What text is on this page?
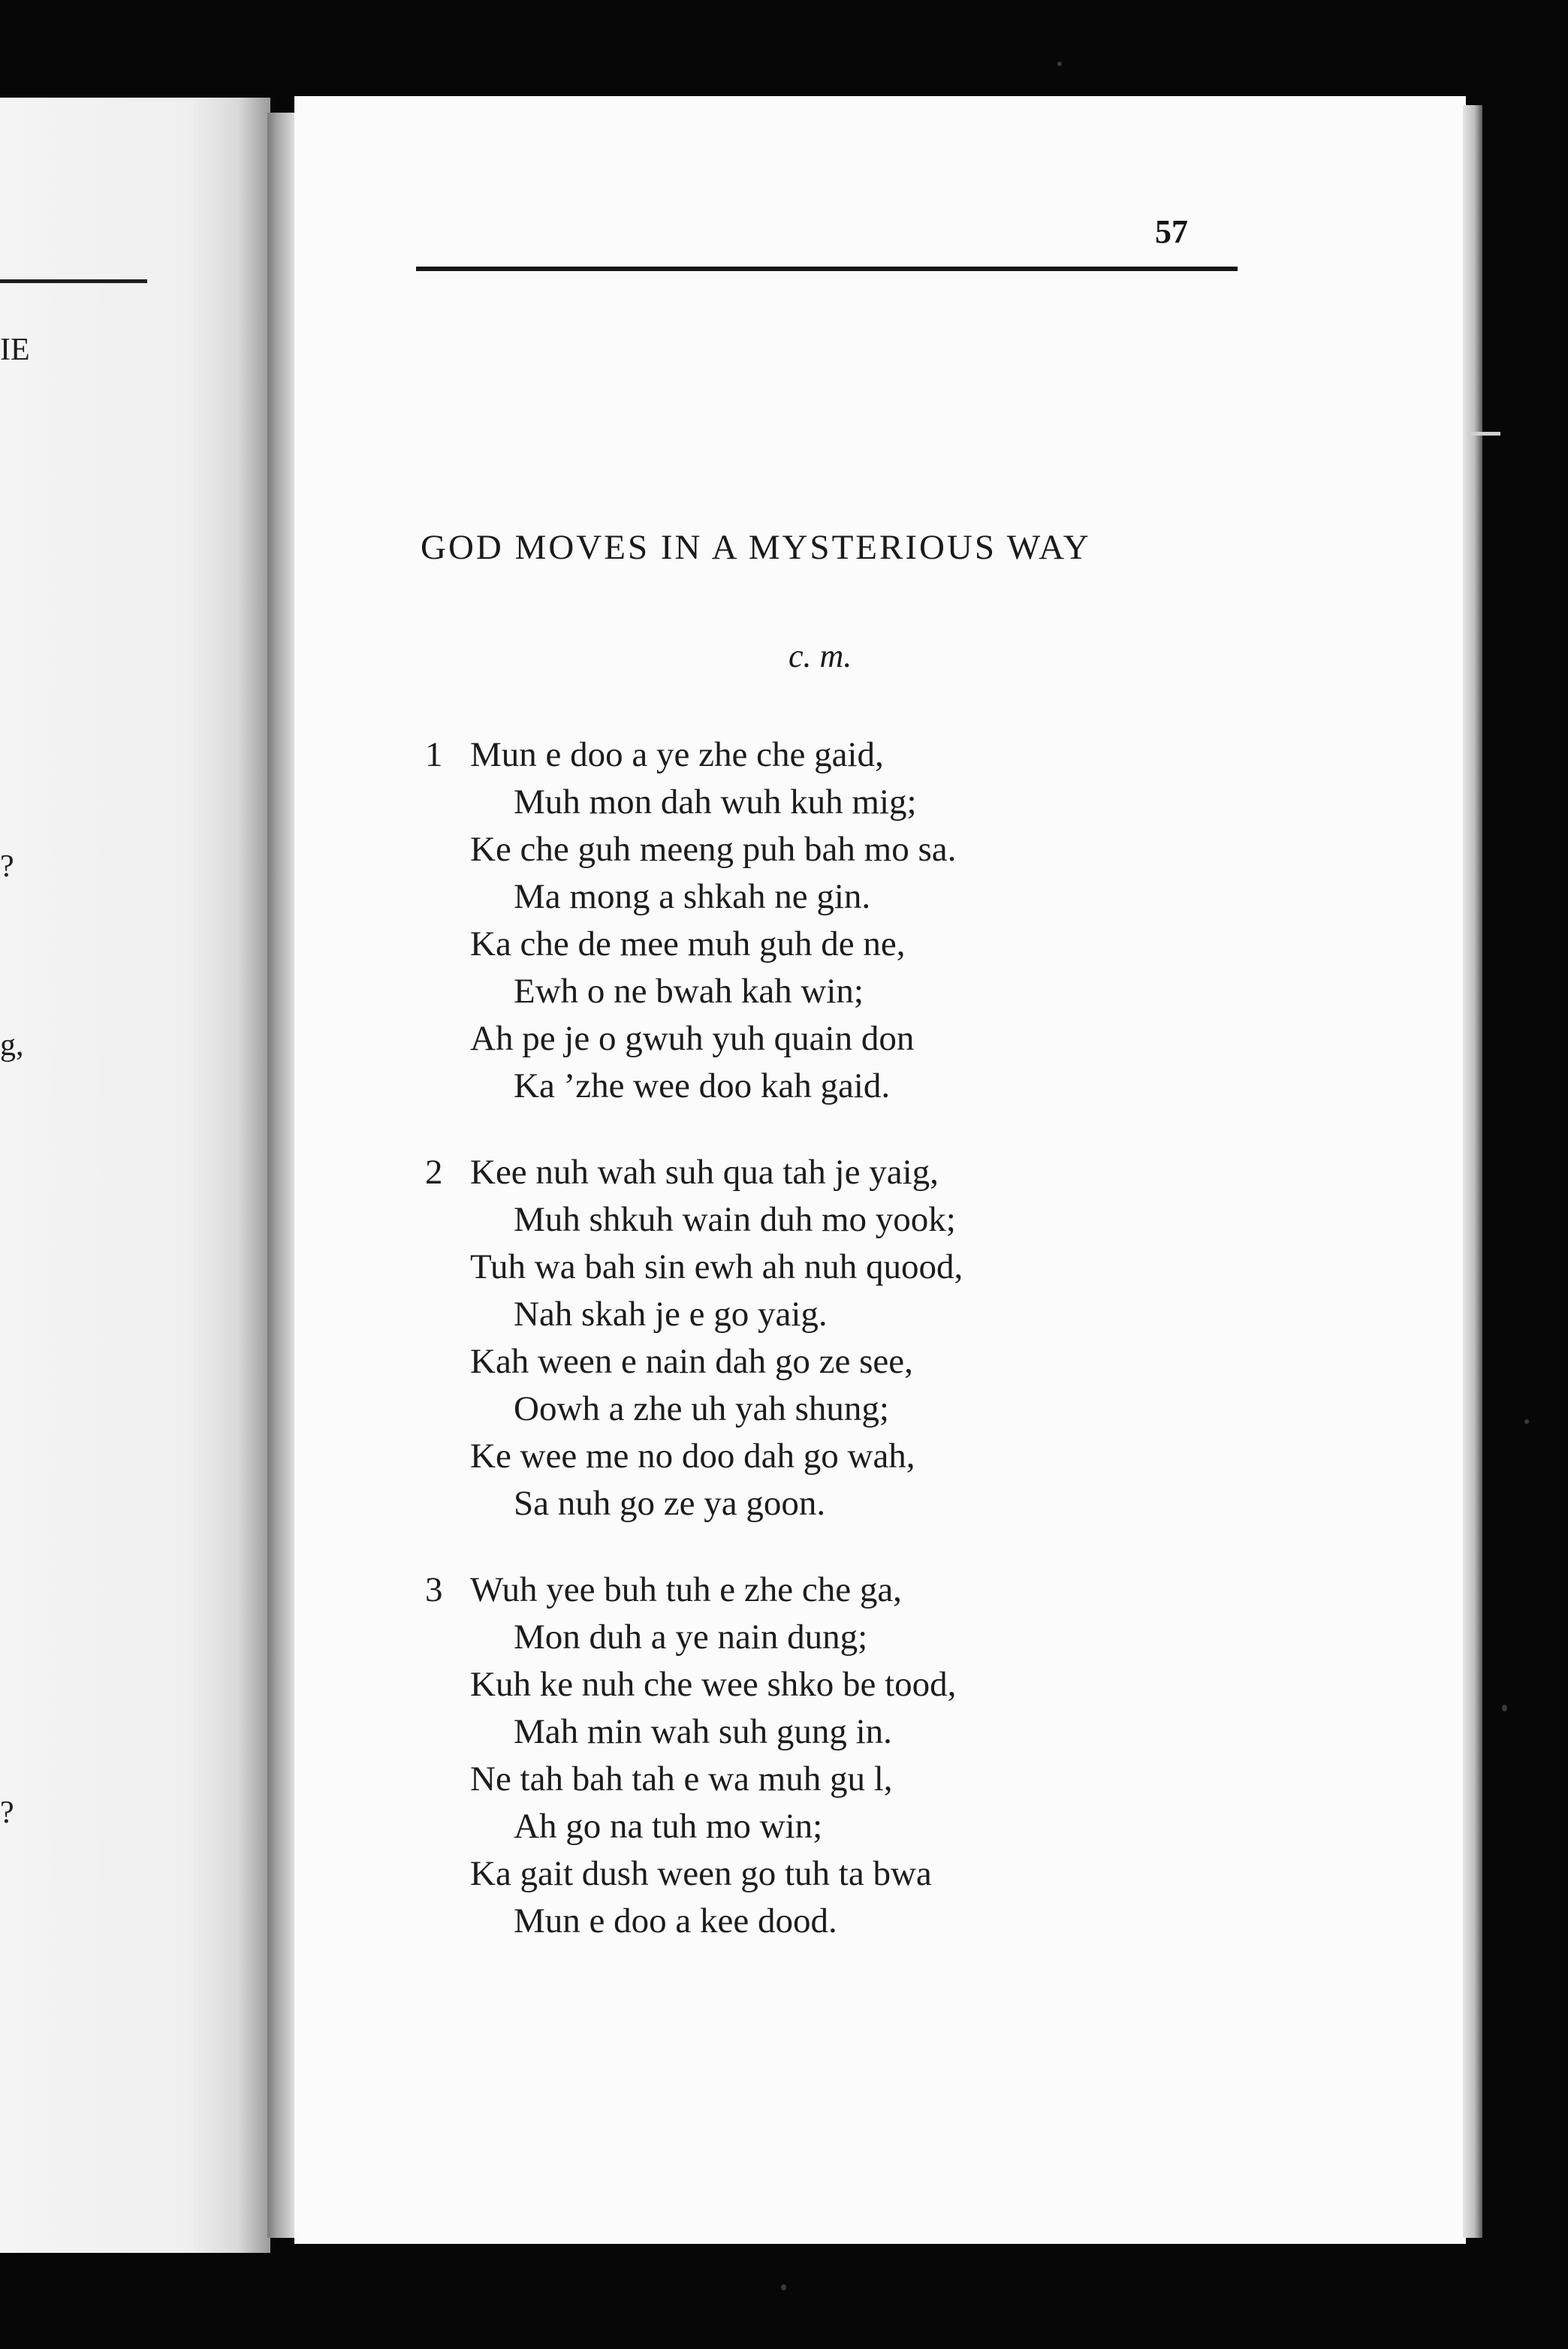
IE
?
g,
?
57
GOD MOVES IN A MYSTERIOUS WAY
c. m.
1 Mun e doo a ye zhe che gaid,
Muh mon dah wuh kuh mig;
Ke che guh meeng puh bah mo sa.
Ma mong a shkah ne gin.
Ka che de mee muh guh de ne,
Ewh o ne bwah kah win;
Ah pe je o gwuh yuh quain don
Ka ’zhe wee doo kah gaid.
2 Kee nuh wah suh qua tah je yaig,
Muh shkuh wain duh mo yook;
Tuh wa bah sin ewh ah nuh quood,
Nah skah je e go yaig.
Kah ween e nain dah go ze see,
Oowh a zhe uh yah shung;
Ke wee me no doo dah go wah,
Sa nuh go ze ya goon.
3 Wuh yee buh tuh e zhe che ga,
Mon duh a ye nain dung;
Kuh ke nuh che wee shko be tood,
Mah min wah suh gung in.
Ne tah bah tah e wa muh gu l,
Ah go na tuh mo win;
Ka gait dush ween go tuh ta bwa
Mun e doo a kee dood.
